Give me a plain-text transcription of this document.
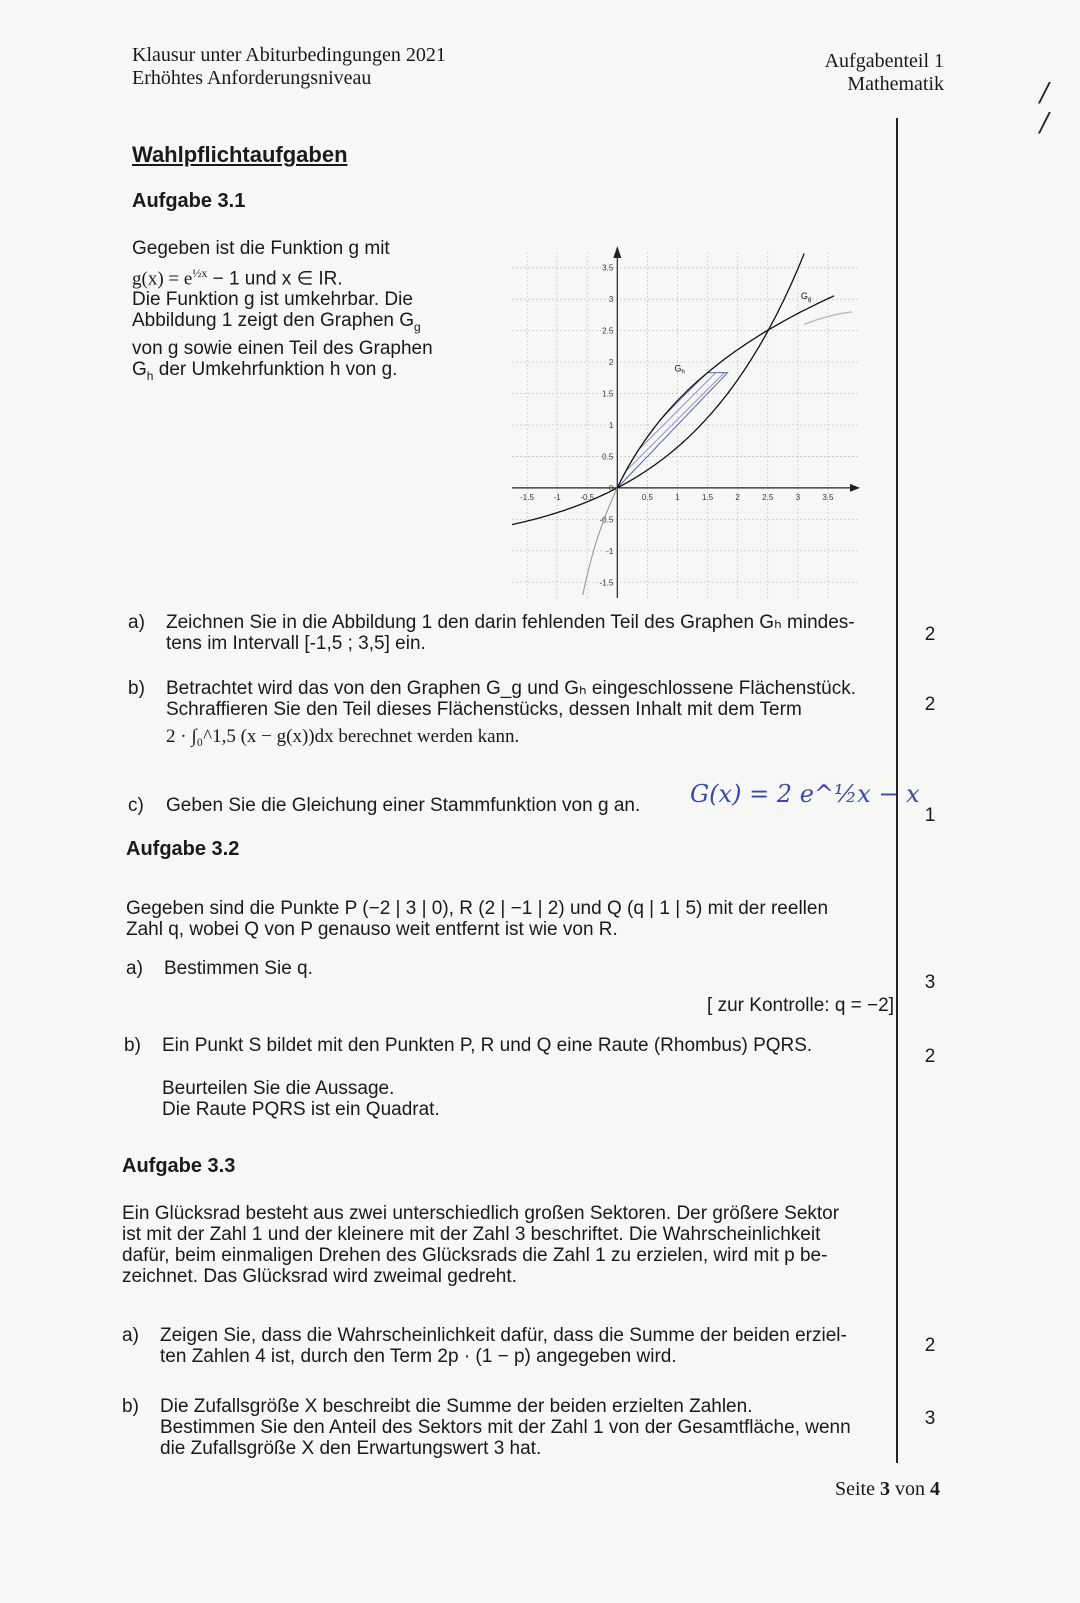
Klausur unter Abiturbedingungen 2021
Erhöhtes Anforderungsniveau
Aufgabenteil 1
Mathematik	/
/
Wahlpflichtaufgaben
Aufgabe 3.1
Gegeben ist die Funktion g mit
$g(x) = e^{\frac{1}{2}x} - 1$ und x ∈ IR.
Die Funktion g ist umkehrbar. Die
Abbildung 1 zeigt den Graphen $G_g$
von g sowie einen Teil des Graphen
$G_h$ der Umkehrfunktion h von g.
-1.5 -1 -0.5	0.5	1	1.5	2	2.5	3	3.5
3.5
3
2.5
2
1.5
1
0.5
0
-0.5
-1
-1.5
$G_g$
$G_h$
a) Zeichnen Sie in die Abbildung 1 den darin fehlenden Teil des Graphen Gₕ mindes-
tens im Intervall [-1,5 ; 3,5] ein.	2
b) Betrachtet wird das von den Graphen G_g und Gₕ eingeschlossene Flächenstück.
Schraffieren Sie den Teil dieses Flächenstücks, dessen Inhalt mit dem Term
2 · ∫₀^1,5 (x − g(x))dx berechnet werden kann.
2
c) Geben Sie die Gleichung einer Stammfunktion von g an.	G(x) = 2 e^½x − x
1
Aufgabe 3.2
Gegeben sind die Punkte P (−2 | 3 | 0), R (2 | −1 | 2) und Q (q | 1 | 5) mit der reellen
Zahl q, wobei Q von P genauso weit entfernt ist wie von R.
a) Bestimmen Sie q.
3
[ zur Kontrolle: q = −2]
b) Ein Punkt S bildet mit den Punkten P, R und Q eine Raute (Rhombus) PQRS.
Beurteilen Sie die Aussage.
Die Raute PQRS ist ein Quadrat.
2
Aufgabe 3.3
Ein Glücksrad besteht aus zwei unterschiedlich großen Sektoren. Der größere Sektor
ist mit der Zahl 1 und der kleinere mit der Zahl 3 beschriftet. Die Wahrscheinlichkeit
dafür, beim einmaligen Drehen des Glücksrads die Zahl 1 zu erzielen, wird mit p be-
zeichnet. Das Glücksrad wird zweimal gedreht.
a) Zeigen Sie, dass die Wahrscheinlichkeit dafür, dass die Summe der beiden erziel-
ten Zahlen 4 ist, durch den Term 2p · (1 − p) angegeben wird.
2
b) Die Zufallsgröße X beschreibt die Summe der beiden erzielten Zahlen.
Bestimmen Sie den Anteil des Sektors mit der Zahl 1 von der Gesamtfläche, wenn
die Zufallsgröße X den Erwartungswert 3 hat.
3
Seite 3 von 4
